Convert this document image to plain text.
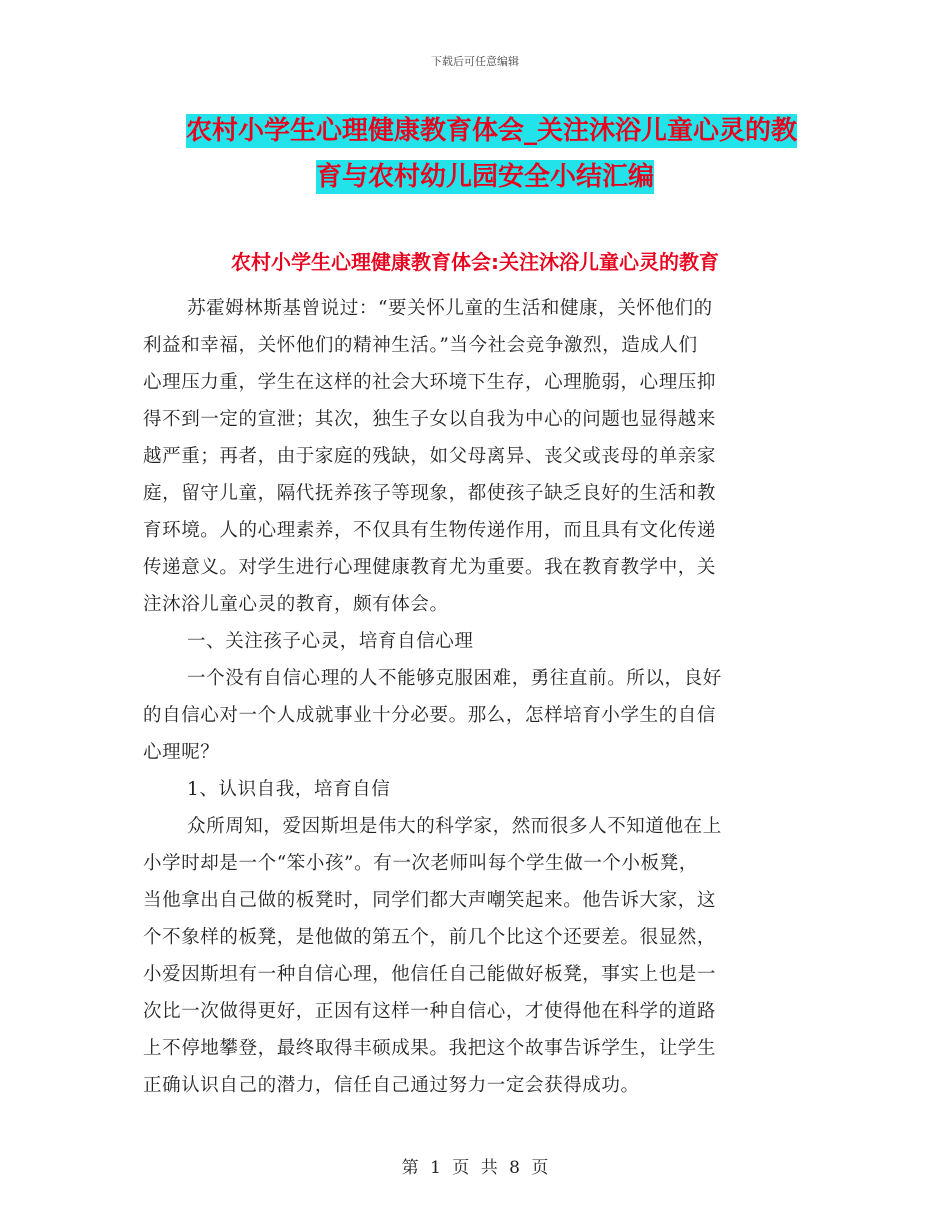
下载后可任意编辑
农村小学生心理健康教育体会_关注沐浴儿童心灵的教
育与农村幼儿园安全小结汇编
农村小学生心理健康教育体会:关注沐浴儿童心灵的教育
苏霍姆林斯基曾说过：“要关怀儿童的生活和健康，关怀他们的
利益和幸福，关怀他们的精神生活。”当今社会竞争激烈，造成人们
心理压力重，学生在这样的社会大环境下生存，心理脆弱，心理压抑
得不到一定的宣泄；其次，独生子女以自我为中心的问题也显得越来
越严重；再者，由于家庭的残缺，如父母离异、丧父或丧母的单亲家
庭，留守儿童，隔代抚养孩子等现象，都使孩子缺乏良好的生活和教
育环境。人的心理素养，不仅具有生物传递作用，而且具有文化传递
传递意义。对学生进行心理健康教育尤为重要。我在教育教学中，关
注沐浴儿童心灵的教育，颇有体会。
一、关注孩子心灵，培育自信心理
一个没有自信心理的人不能够克服困难，勇往直前。所以，良好
的自信心对一个人成就事业十分必要。那么，怎样培育小学生的自信
心理呢？
1、认识自我，培育自信
众所周知，爱因斯坦是伟大的科学家，然而很多人不知道他在上
小学时却是一个“笨小孩”。有一次老师叫每个学生做一个小板凳，
当他拿出自己做的板凳时，同学们都大声嘲笑起来。他告诉大家，这
个不象样的板凳，是他做的第五个，前几个比这个还要差。很显然，
小爱因斯坦有一种自信心理，他信任自己能做好板凳，事实上也是一
次比一次做得更好，正因有这样一种自信心，才使得他在科学的道路
上不停地攀登，最终取得丰硕成果。我把这个故事告诉学生，让学生
正确认识自己的潜力，信任自己通过努力一定会获得成功。
第 1 页 共 8 页
